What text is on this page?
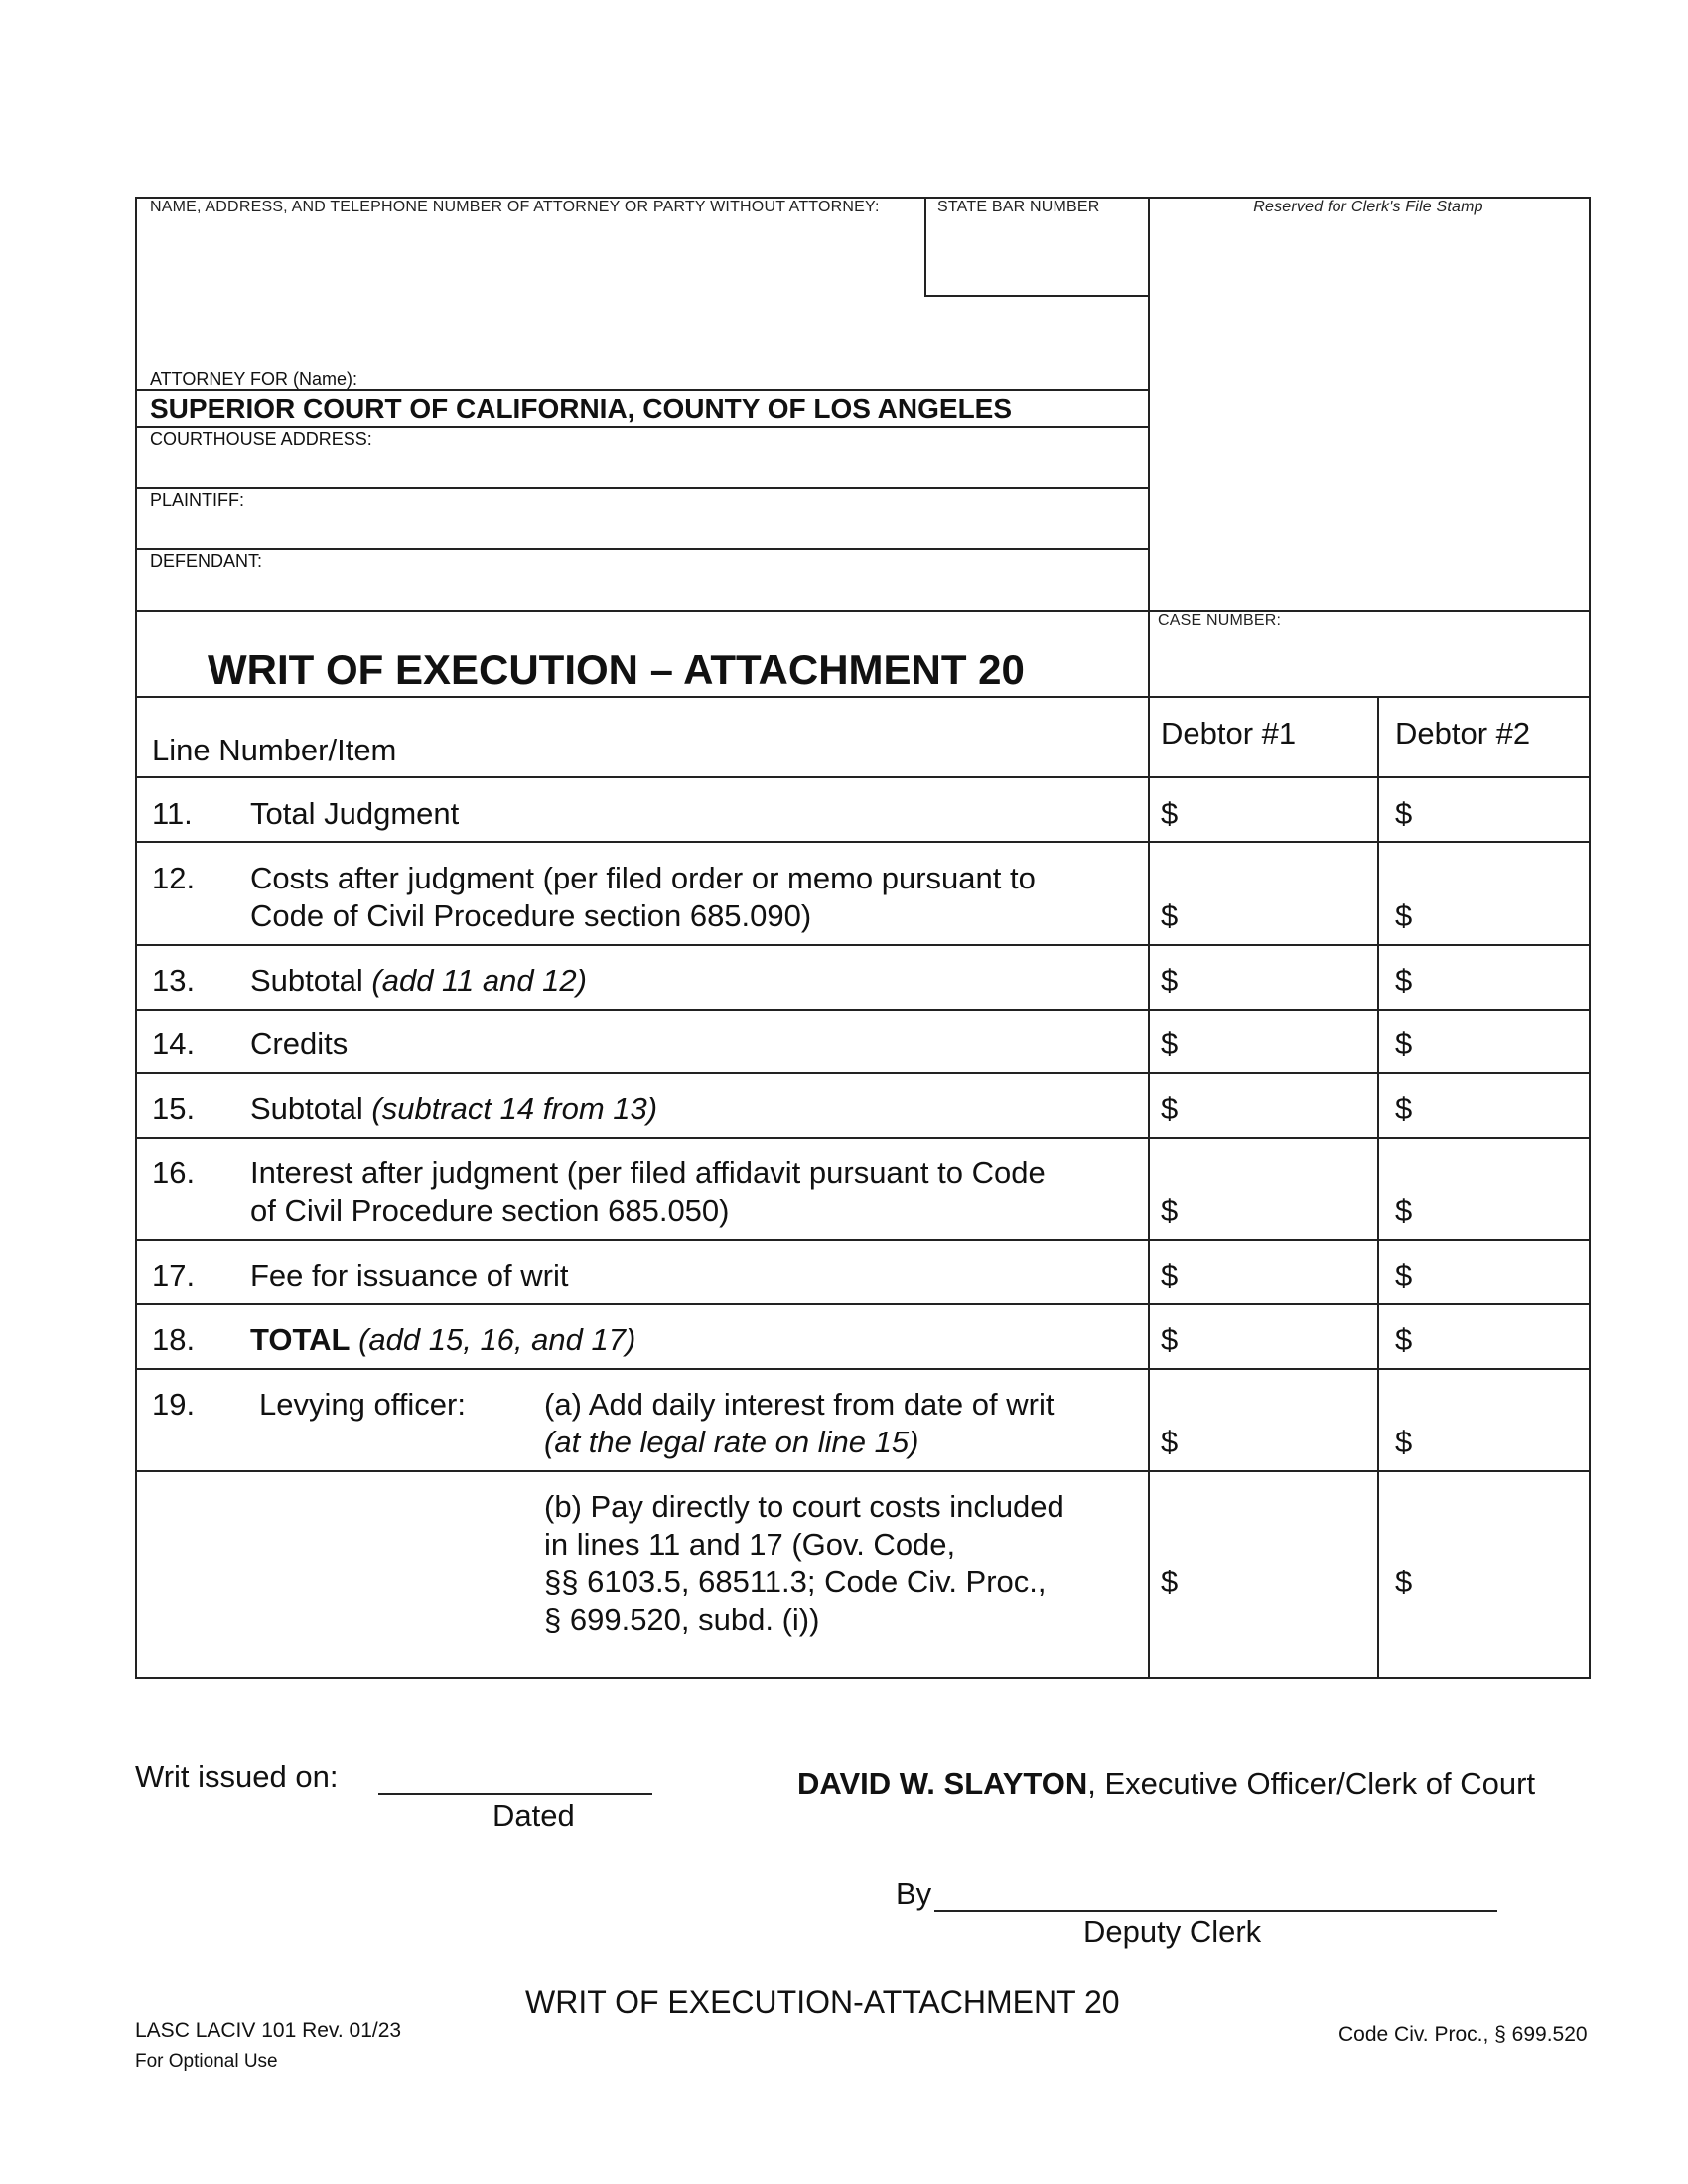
NAME, ADDRESS, AND TELEPHONE NUMBER OF ATTORNEY OR PARTY WITHOUT ATTORNEY:	STATE BAR NUMBER	Reserved for Clerk's File Stamp
ATTORNEY FOR (Name):
SUPERIOR COURT OF CALIFORNIA, COUNTY OF LOS ANGELES
COURTHOUSE ADDRESS:
PLAINTIFF:
DEFENDANT:
CASE NUMBER:
WRIT OF EXECUTION – ATTACHMENT 20
Line Number/Item	Debtor #1	Debtor #2
11. Total Judgment	$	$
12. Costs after judgment (per filed order or memo pursuant to
Code of Civil Procedure section 685.090)	$	$
13. Subtotal (add 11 and 12)	$	$
14. Credits	$	$
15. Subtotal (subtract 14 from 13)	$	$
16. Interest after judgment (per filed affidavit pursuant to Code
of Civil Procedure section 685.050)	$	$
17. Fee for issuance of writ	$	$
18. TOTAL (add 15, 16, and 17)	$	$
19. Levying officer:	(a) Add daily interest from date of writ
(at the legal rate on line 15)	$	$
(b) Pay directly to court costs included
in lines 11 and 17 (Gov. Code,
§§ 6103.5, 68511.3; Code Civ. Proc.,
§ 699.520, subd. (i))
$	$
Writ issued on:
Dated
DAVID W. SLAYTON, Executive Officer/Clerk of Court
By
Deputy Clerk
WRIT OF EXECUTION-ATTACHMENT 20
LASC LACIV 101 Rev. 01/23
For Optional Use
Code Civ. Proc., § 699.520
